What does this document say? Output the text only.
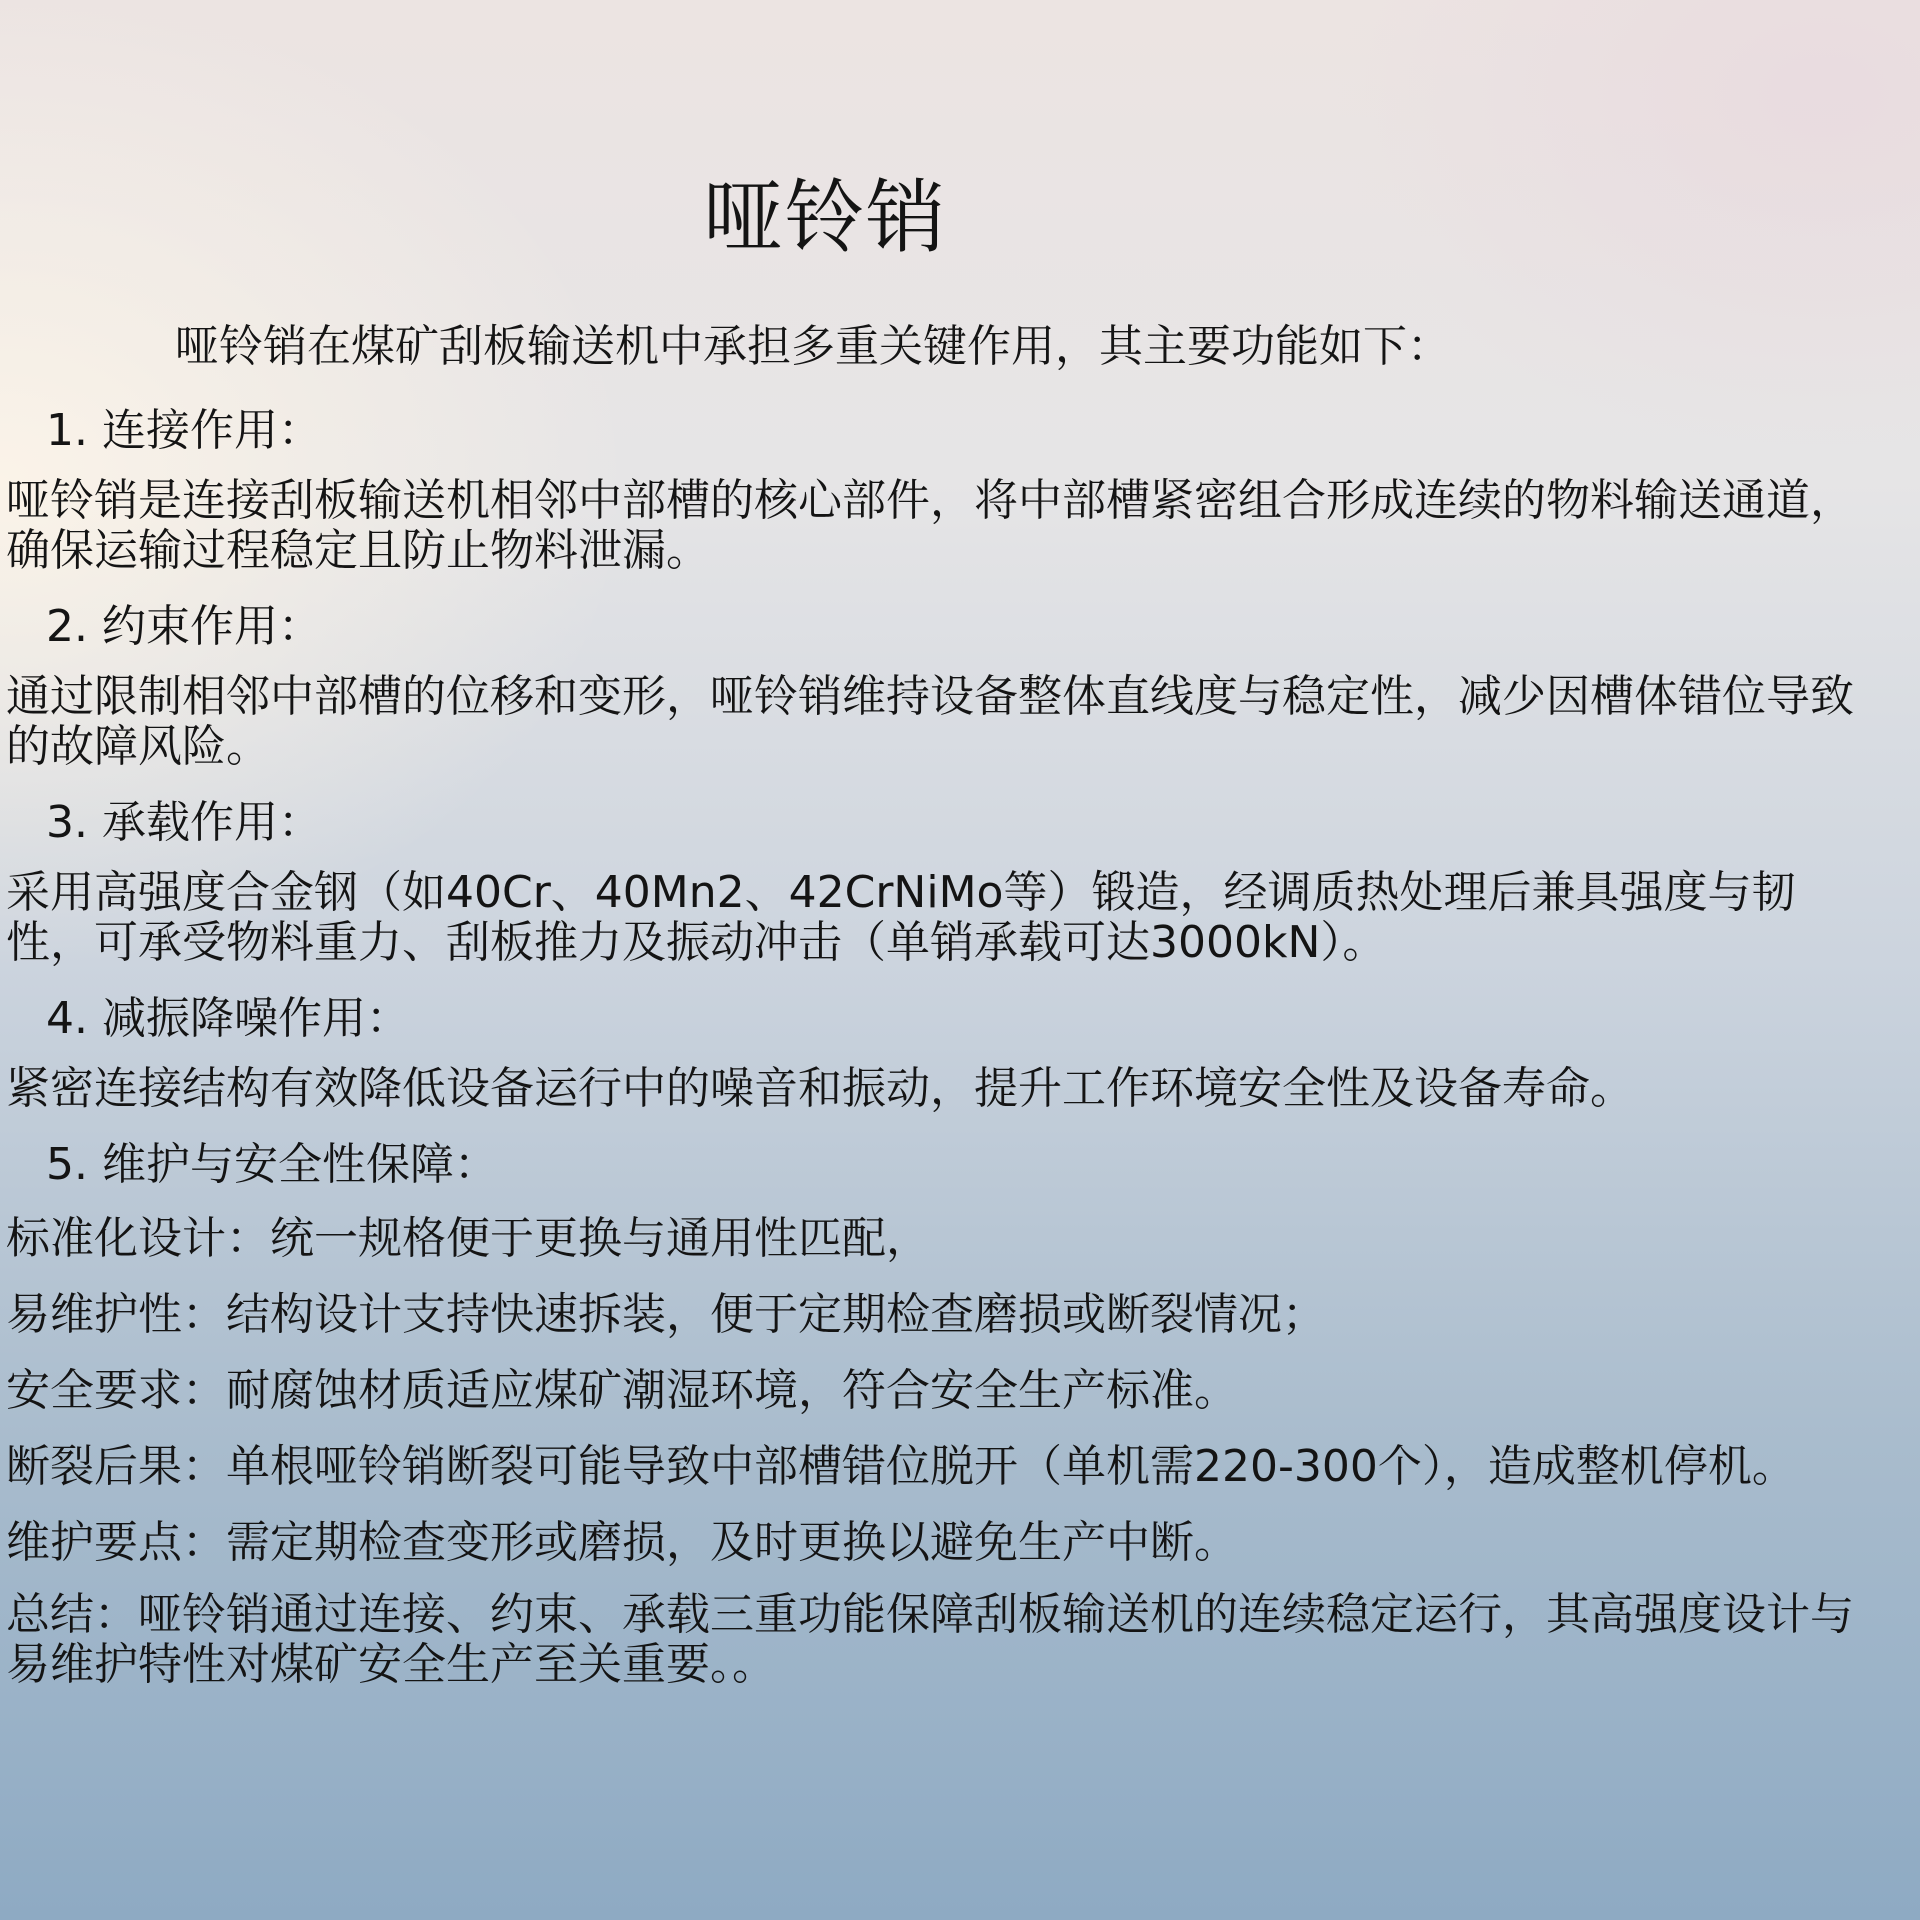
哑铃销

哑铃销在煤矿刮板输送机中承担多重关键作用，其主要功能如下：

1. 连接作用：

哑铃销是连接刮板输送机相邻中部槽的核心部件，将中部槽紧密组合形成连续的物料输送通道，确保运输过程稳定且防止物料泄漏。

2. 约束作用：

通过限制相邻中部槽的位移和变形，哑铃销维持设备整体直线度与稳定性，减少因槽体错位导致的故障风险。

3. 承载作用：

采用高强度合金钢（如40Cr、40Mn2、42CrNiMo等）锻造，经调质热处理后兼具强度与韧性，可承受物料重力、刮板推力及振动冲击（单销承载可达3000kN）。

4. 减振降噪作用：

紧密连接结构有效降低设备运行中的噪音和振动，提升工作环境安全性及设备寿命。

5. 维护与安全性保障：
标准化设计：统一规格便于更换与通用性匹配，
易维护性：结构设计支持快速拆装，便于定期检查磨损或断裂情况；
安全要求：耐腐蚀材质适应煤矿潮湿环境，符合安全生产标准。
断裂后果：单根哑铃销断裂可能导致中部槽错位脱开（单机需220-300个），造成整机停机。
维护要点：需定期检查变形或磨损，及时更换以避免生产中断。

总结：哑铃销通过连接、约束、承载三重功能保障刮板输送机的连续稳定运行，其高强度设计与易维护特性对煤矿安全生产至关重要。。
